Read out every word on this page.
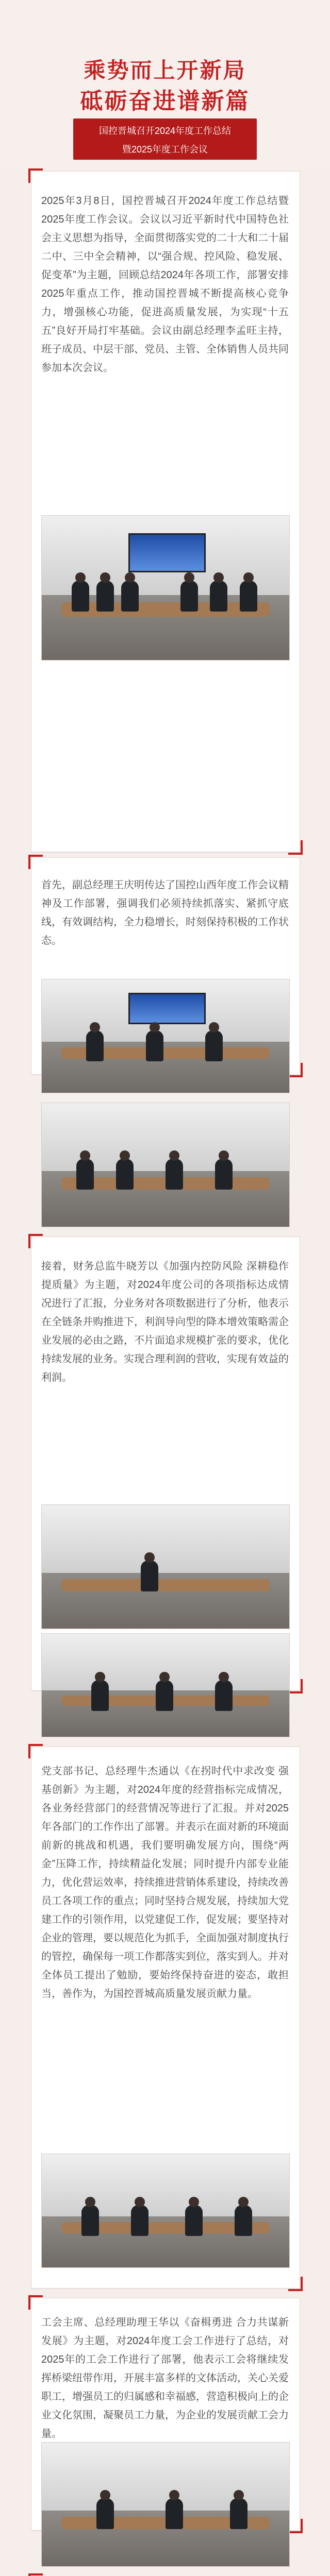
乘势而上开新局
砥砺奋进谱新篇
国控晋城召开2024年度工作总结
暨2025年度工作会议
2025年3月8日，国控晋城召开2024年度工作总结暨2025年度工作会议。会议以习近平新时代中国特色社会主义思想为指导，全面贯彻落实党的二十大和二十届二中、三中全会精神，以“强合规、控风险、稳发展、促变革”为主题，回顾总结2024年各项工作，部署安排2025年重点工作，推动国控晋城不断提高核心竞争力，增强核心功能，促进高质量发展，为实现“十五五”良好开局打牢基础。会议由副总经理李孟旺主持，班子成员、中层干部、党员、主管、全体销售人员共同参加本次会议。
首先，副总经理王庆明传达了国控山西年度工作会议精神及工作部署，强调我们必须持续抓落实、紧抓守底线，有效调结构，全力稳增长，时刻保持积极的工作状态。
接着，财务总监牛晓芳以《加强内控防风险 深耕稳作提质量》为主题，对2024年度公司的各项指标达成情况进行了汇报，分业务对各项数据进行了分析，他表示在全链条并购推进下，利润导向型的降本增效策略需企业发展的必由之路，不片面追求规模扩张的要求，优化持续发展的业务。实现合理利润的营收，实现有效益的利润。
党支部书记、总经理牛杰通以《在拐时代中求改变 强基创新》为主题，对2024年度的经营指标完成情况，各业务经营部门的经营情况等进行了汇报。并对2025年各部门的工作作出了部署。并表示在面对新的环境面前新的挑战和机遇，我们要明确发展方向，围绕“两金”压降工作，持续精益化发展；同时提升内部专业能力，优化营运效率，持续推进营销体系建设，持续改善员工各项工作的重点；同时坚持合规发展，持续加大党建工作的引领作用，以党建促工作，促发展；要坚持对企业的管理，要以规范化为抓手，全面加强对制度执行的管控，确保每一项工作都落实到位，落实到人。并对全体员工提出了勉励，要始终保持奋进的姿态，敢担当，善作为，为国控晋城高质量发展贡献力量。
工会主席、总经理助理王华以《奋楫勇进 合力共谋新发展》为主题，对2024年度工会工作进行了总结，对2025年的工会工作进行了部署，他表示工会将继续发挥桥梁纽带作用，开展丰富多样的文体活动，关心关爱职工，增强员工的归属感和幸福感，营造积极向上的企业文化氛围，凝聚员工力量，为企业的发展贡献工会力量。
